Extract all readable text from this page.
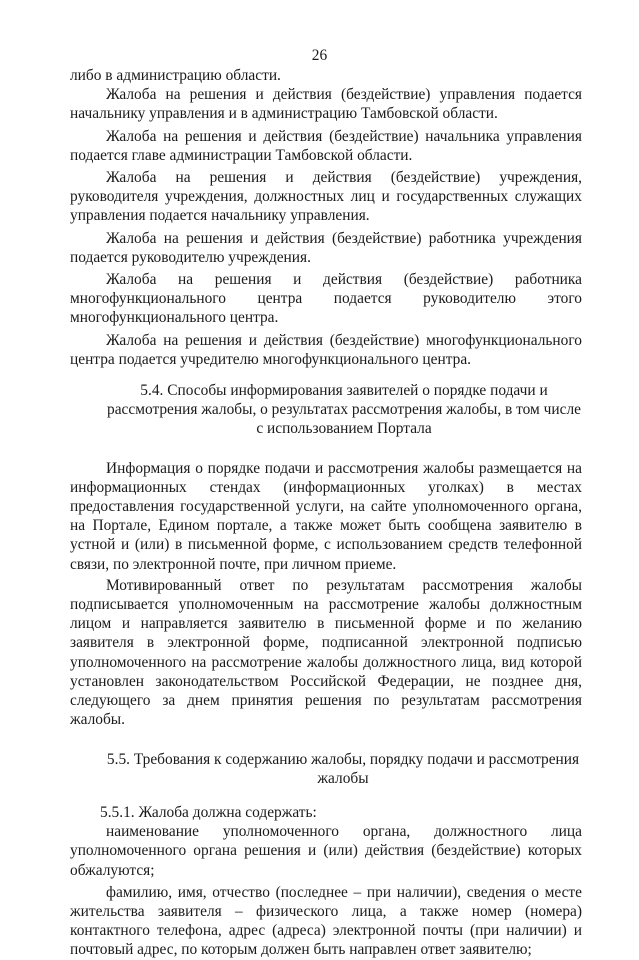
26

либо в администрацию области.

Жалоба на решения и действия (бездействие) управления подается начальнику управления и в администрацию Тамбовской области.

Жалоба на решения и действия (бездействие) начальника управления подается главе администрации Тамбовской области.

Жалоба на решения и действия (бездействие) учреждения, руководителя учреждения, должностных лиц и государственных служащих управления подается начальнику управления.

Жалоба на решения и действия (бездействие) работника учреждения подается руководителю учреждения.

Жалоба на решения и действия (бездействие) работника многофункционального центра подается руководителю этого многофункционального центра.

Жалоба на решения и действия (бездействие) многофункционального центра подается учредителю многофункционального центра.

5.4. Способы информирования заявителей о порядке подачи и рассмотрения жалобы, о результатах рассмотрения жалобы, в том числе с использованием Портала

Информация о порядке подачи и рассмотрения жалобы размещается на информационных стендах (информационных уголках) в местах предоставления государственной услуги, на сайте уполномоченного органа, на Портале, Едином портале, а также может быть сообщена заявителю в устной и (или) в письменной форме, с использованием средств телефонной связи, по электронной почте, при личном приеме.

Мотивированный ответ по результатам рассмотрения жалобы подписывается уполномоченным на рассмотрение жалобы должностным лицом и направляется заявителю в письменной форме и по желанию заявителя в электронной форме, подписанной электронной подписью уполномоченного на рассмотрение жалобы должностного лица, вид которой установлен законодательством Российской Федерации, не позднее дня, следующего за днем принятия решения по результатам рассмотрения жалобы.

5.5. Требования к содержанию жалобы, порядку подачи и рассмотрения жалобы

5.5.1. Жалоба должна содержать:

наименование уполномоченного органа, должностного лица уполномоченного органа решения и (или) действия (бездействие) которых обжалуются;

фамилию, имя, отчество (последнее – при наличии), сведения о месте жительства заявителя – физического лица, а также номер (номера) контактного телефона, адрес (адреса) электронной почты (при наличии) и почтовый адрес, по которым должен быть направлен ответ заявителю;
